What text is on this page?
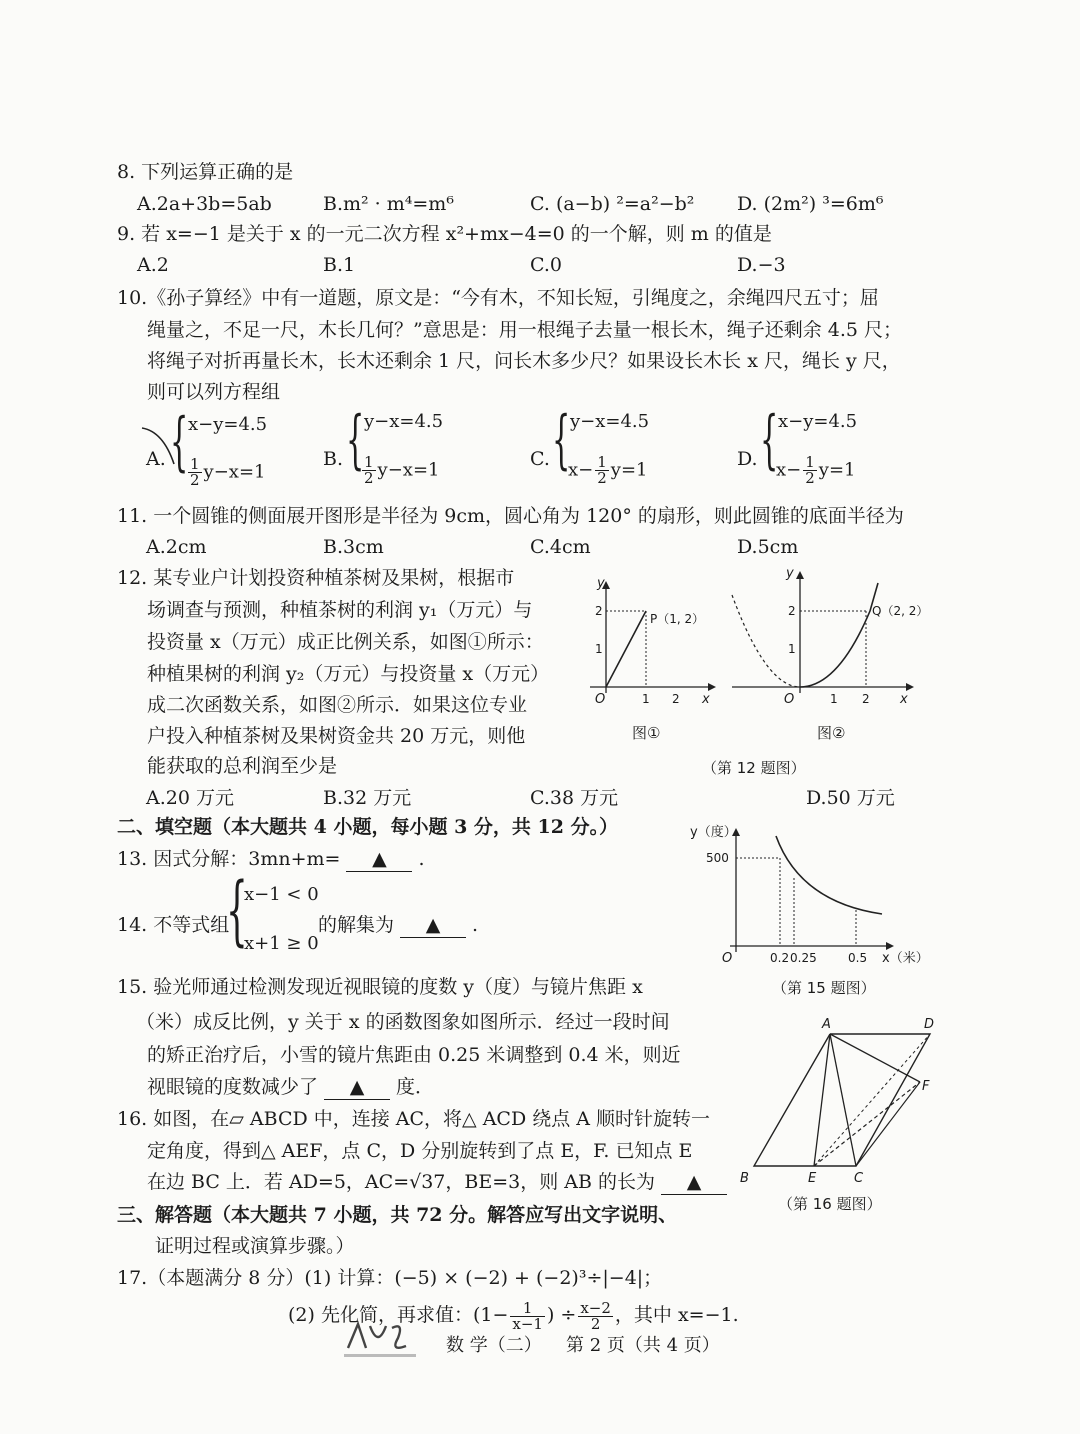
8. 下列运算正确的是
A.2a+3b=5ab	B.m² · m⁴=m⁶	C. (a−b) ²=a²−b² D. (2m²) ³=6m⁶
9. 若 x=−1 是关于 x 的一元二次方程 x²+mx−4=0 的一个解，则 m 的值是
A.2	B.1	C.0	D.−3
10.《孙子算经》中有一道题，原文是：“今有木，不知长短，引绳度之，余绳四尺五寸；屈
绳量之，不足一尺，木长几何？”意思是：用一根绳子去量一根长木，绳子还剩余 4.5 尺；
将绳子对折再量长木，长木还剩余 1 尺，问长木多少尺？如果设长木长 x 尺，绳长 y 尺，
则可以列方程组
A. { x−y=4.5
$\frac{1}{2} y-x=1$
B. { y−x=4.5
$\frac{1}{2} y-x=1$	C. { y−x=4.5
$x- \frac{1}{2} y=1$	D. { x−y=4.5
$x- \frac{1}{2} y=1$
11. 一个圆锥的侧面展开图形是半径为 9cm，圆心角为 120° 的扇形，则此圆锥的底面半径为
A.2cm	B.3cm	C.4cm	D.5cm
12. 某专业户计划投资种植茶树及果树，根据市
场调查与预测，种植茶树的利润 y₁（万元）与
投资量 x（万元）成正比例关系，如图①所示：
种植果树的利润 y₂（万元）与投资量 x（万元）
成二次函数关系，如图②所示．如果这位专业
户投入种植茶树及果树资金共 20 万元，则他
能获取的总利润至少是
A.20 万元	B.32 万元	C.38 万元	D.50 万元
y
x
O	1 2
1
2
P（1, 2）
图①
y
x
O	1 2
1
2	Q（2, 2）
图②
（第 12 题图）
二、填空题（本大题共 4 小题，每小题 3 分，共 12 分。）
13. 因式分解：3mn+m= ▲ .
14. 不等式组
{
x−1 < 0
x+1 ≥ 0
的解集为 ▲ .
y（度）
x（米）
O
500
0.2 0.25	0.5
（第 15 题图）
15. 验光师通过检测发现近视眼镜的度数 y（度）与镜片焦距 x
（米）成反比例，y 关于 x 的函数图象如图所示．经过一段时间
的矫正治疗后，小雪的镜片焦距由 0.25 米调整到 0.4 米，则近
视眼镜的度数减少了 ▲ 度．
A	D
F
B	E	C
（第 16 题图）
16. 如图，在▱ ABCD 中，连接 AC，将△ ACD 绕点 A 顺时针旋转一
定角度，得到△ AEF，点 C，D 分别旋转到了点 E，F. 已知点 E
在边 BC 上．若 AD=5，AC=√37，BE=3，则 AB 的长为 ▲
三、解答题（本大题共 7 小题，共 72 分。解答应写出文字说明、
证明过程或演算步骤。）
17.（本题满分 8 分）(1) 计算：(−5) × (−2) + (−2)³÷|−4|；
(2) 先化简，再求值：($1- \frac{1}{x-1}$ ) ÷ $\frac{x-2}{2}$ ，其中 x=−1.
数 学（二） 第 2 页（共 4 页）
